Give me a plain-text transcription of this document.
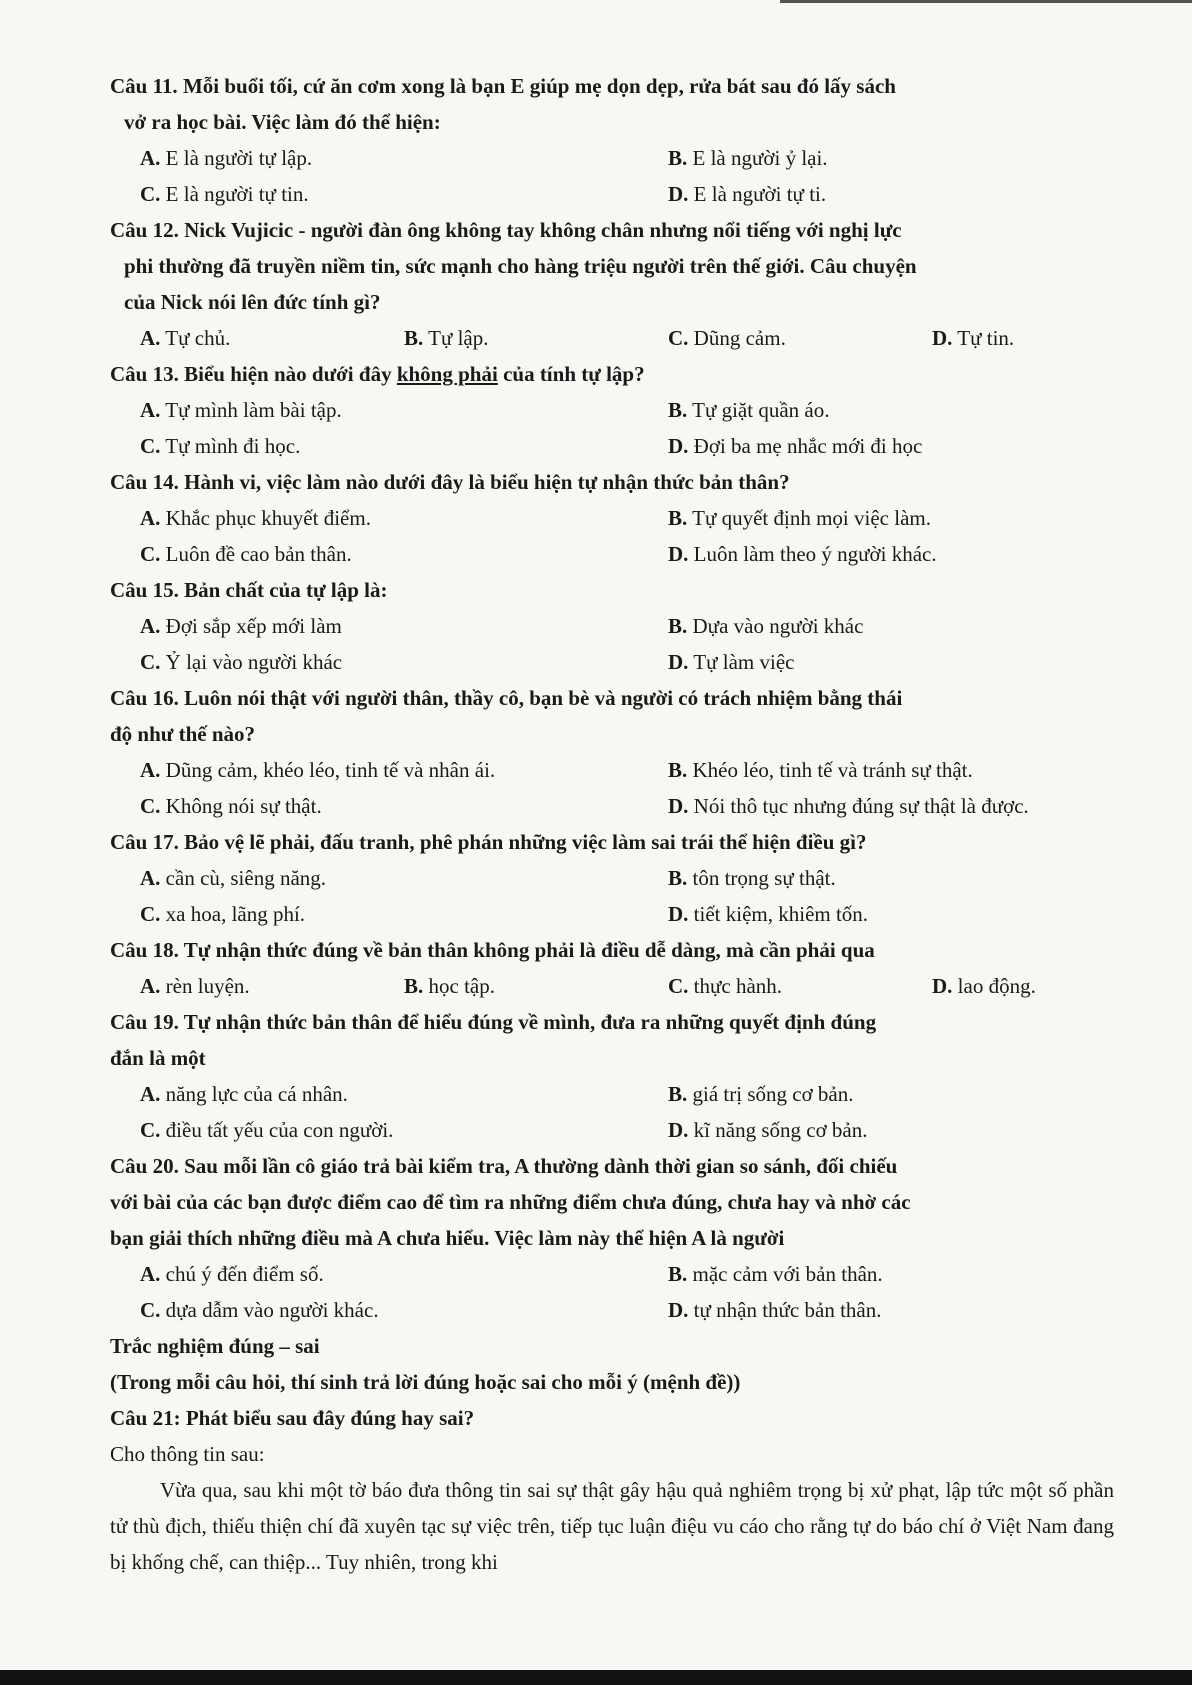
Câu 11. Mỗi buổi tối, cứ ăn cơm xong là bạn E giúp mẹ dọn dẹp, rửa bát sau đó lấy sách
vở ra học bài. Việc làm đó thể hiện:
A. E là người tự lập.	B. E là người ỷ lại.
C. E là người tự tin.	D. E là người tự ti.
Câu 12. Nick Vujicic - người đàn ông không tay không chân nhưng nổi tiếng với nghị lực
phi thường đã truyền niềm tin, sức mạnh cho hàng triệu người trên thế giới. Câu chuyện
của Nick nói lên đức tính gì?
A. Tự chủ.	B. Tự lập.	C. Dũng cảm.	D. Tự tin.
Câu 13. Biểu hiện nào dưới đây không phải của tính tự lập?
A. Tự mình làm bài tập.	B. Tự giặt quần áo.
C. Tự mình đi học.	D. Đợi ba mẹ nhắc mới đi học
Câu 14. Hành vi, việc làm nào dưới đây là biểu hiện tự nhận thức bản thân?
A. Khắc phục khuyết điểm.	B. Tự quyết định mọi việc làm.
C. Luôn đề cao bản thân.	D. Luôn làm theo ý người khác.
Câu 15. Bản chất của tự lập là:
A. Đợi sắp xếp mới làm	B. Dựa vào người khác
C. Ỷ lại vào người khác	D. Tự làm việc
Câu 16. Luôn nói thật với người thân, thầy cô, bạn bè và người có trách nhiệm bằng thái
độ như thế nào?
A. Dũng cảm, khéo léo, tinh tế và nhân ái.	B. Khéo léo, tinh tế và tránh sự thật.
C. Không nói sự thật.	D. Nói thô tục nhưng đúng sự thật là được.
Câu 17. Bảo vệ lẽ phải, đấu tranh, phê phán những việc làm sai trái thể hiện điều gì?
A. cần cù, siêng năng.	B. tôn trọng sự thật.
C. xa hoa, lãng phí.	D. tiết kiệm, khiêm tốn.
Câu 18. Tự nhận thức đúng về bản thân không phải là điều dễ dàng, mà cần phải qua
A. rèn luyện.	B. học tập.	C. thực hành.	D. lao động.
Câu 19. Tự nhận thức bản thân để hiểu đúng về mình, đưa ra những quyết định đúng
đắn là một
A. năng lực của cá nhân.	B. giá trị sống cơ bản.
C. điều tất yếu của con người.	D. kĩ năng sống cơ bản.
Câu 20. Sau mỗi lần cô giáo trả bài kiểm tra, A thường dành thời gian so sánh, đối chiếu
với bài của các bạn được điểm cao để tìm ra những điểm chưa đúng, chưa hay và nhờ các
bạn giải thích những điều mà A chưa hiểu. Việc làm này thể hiện A là người
A. chú ý đến điểm số.	B. mặc cảm với bản thân.
C. dựa dẫm vào người khác.	D. tự nhận thức bản thân.
Trắc nghiệm đúng – sai
(Trong mỗi câu hỏi, thí sinh trả lời đúng hoặc sai cho mỗi ý (mệnh đề))
Câu 21: Phát biểu sau đây đúng hay sai?
Cho thông tin sau:
Vừa qua, sau khi một tờ báo đưa thông tin sai sự thật gây hậu quả nghiêm trọng bị xử phạt, lập tức một số phần tử thù địch, thiếu thiện chí đã xuyên tạc sự việc trên, tiếp tục luận điệu vu cáo cho rằng tự do báo chí ở Việt Nam đang bị khống chế, can thiệp... Tuy nhiên, trong khi
